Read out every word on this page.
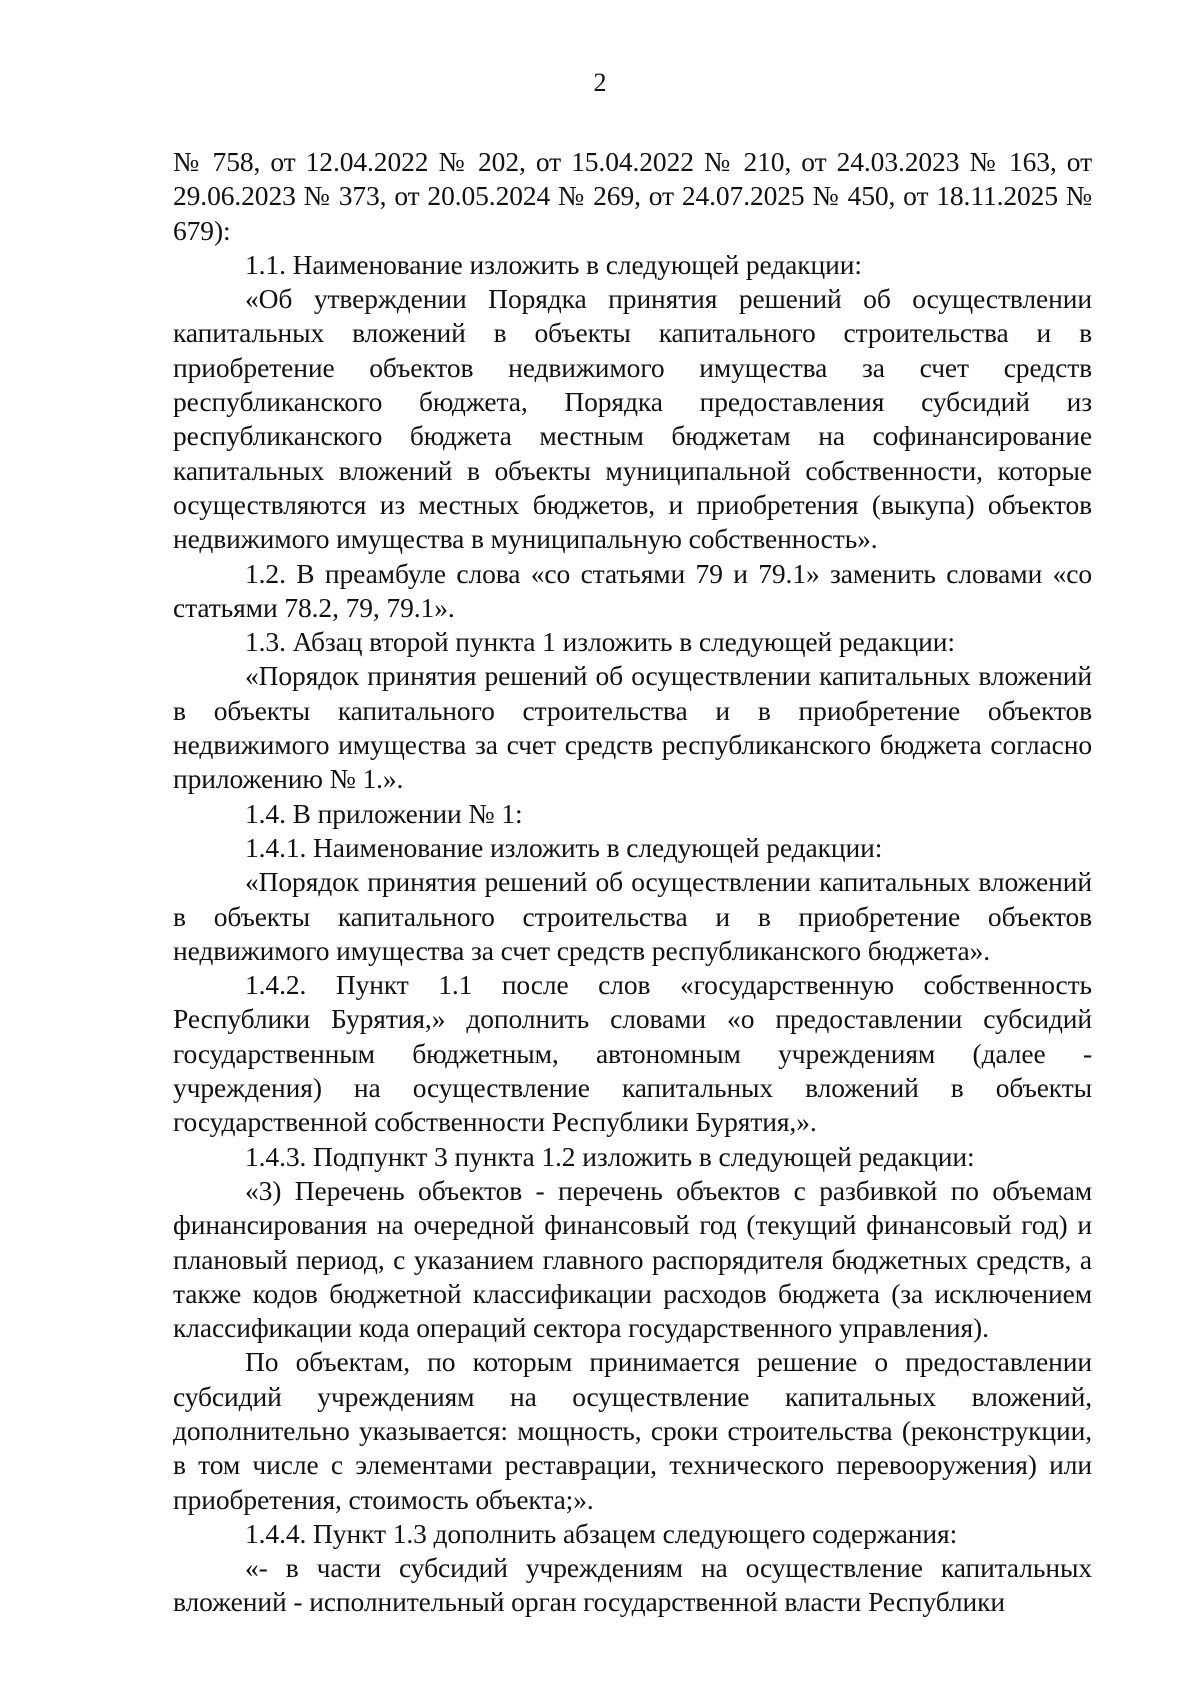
2

№ 758, от 12.04.2022 № 202, от 15.04.2022 № 210, от 24.03.2023 № 163, от 29.06.2023 № 373, от 20.05.2024 № 269, от 24.07.2025 № 450, от 18.11.2025 № 679):

1.1. Наименование изложить в следующей редакции:

«Об утверждении Порядка принятия решений об осуществлении капитальных вложений в объекты капитального строительства и в приобретение объектов недвижимого имущества за счет средств республиканского бюджета, Порядка предоставления субсидий из республиканского бюджета местным бюджетам на софинансирование капитальных вложений в объекты муниципальной собственности, которые осуществляются из местных бюджетов, и приобретения (выкупа) объектов недвижимого имущества в муниципальную собственность».

1.2. В преамбуле слова «со статьями 79 и 79.1» заменить словами «со статьями 78.2, 79, 79.1».

1.3. Абзац второй пункта 1 изложить в следующей редакции:

«Порядок принятия решений об осуществлении капитальных вложений в объекты капитального строительства и в приобретение объектов недвижимого имущества за счет средств республиканского бюджета согласно приложению № 1.».

1.4. В приложении № 1:

1.4.1. Наименование изложить в следующей редакции:

«Порядок принятия решений об осуществлении капитальных вложений в объекты капитального строительства и в приобретение объектов недвижимого имущества за счет средств республиканского бюджета».

1.4.2. Пункт 1.1 после слов «государственную собственность Республики Бурятия,» дополнить словами «о предоставлении субсидий государственным бюджетным, автономным учреждениям (далее - учреждения) на осуществление капитальных вложений в объекты государственной собственности Республики Бурятия,».

1.4.3. Подпункт 3 пункта 1.2 изложить в следующей редакции:

«3) Перечень объектов - перечень объектов с разбивкой по объемам финансирования на очередной финансовый год (текущий финансовый год) и плановый период, с указанием главного распорядителя бюджетных средств, а также кодов бюджетной классификации расходов бюджета (за исключением классификации кода операций сектора государственного управления).

По объектам, по которым принимается решение о предоставлении субсидий учреждениям на осуществление капитальных вложений, дополнительно указывается: мощность, сроки строительства (реконструкции, в том числе с элементами реставрации, технического перевооружения) или приобретения, стоимость объекта;».

1.4.4. Пункт 1.3 дополнить абзацем следующего содержания:

«- в части субсидий учреждениям на осуществление капитальных вложений - исполнительный орган государственной власти Республики
